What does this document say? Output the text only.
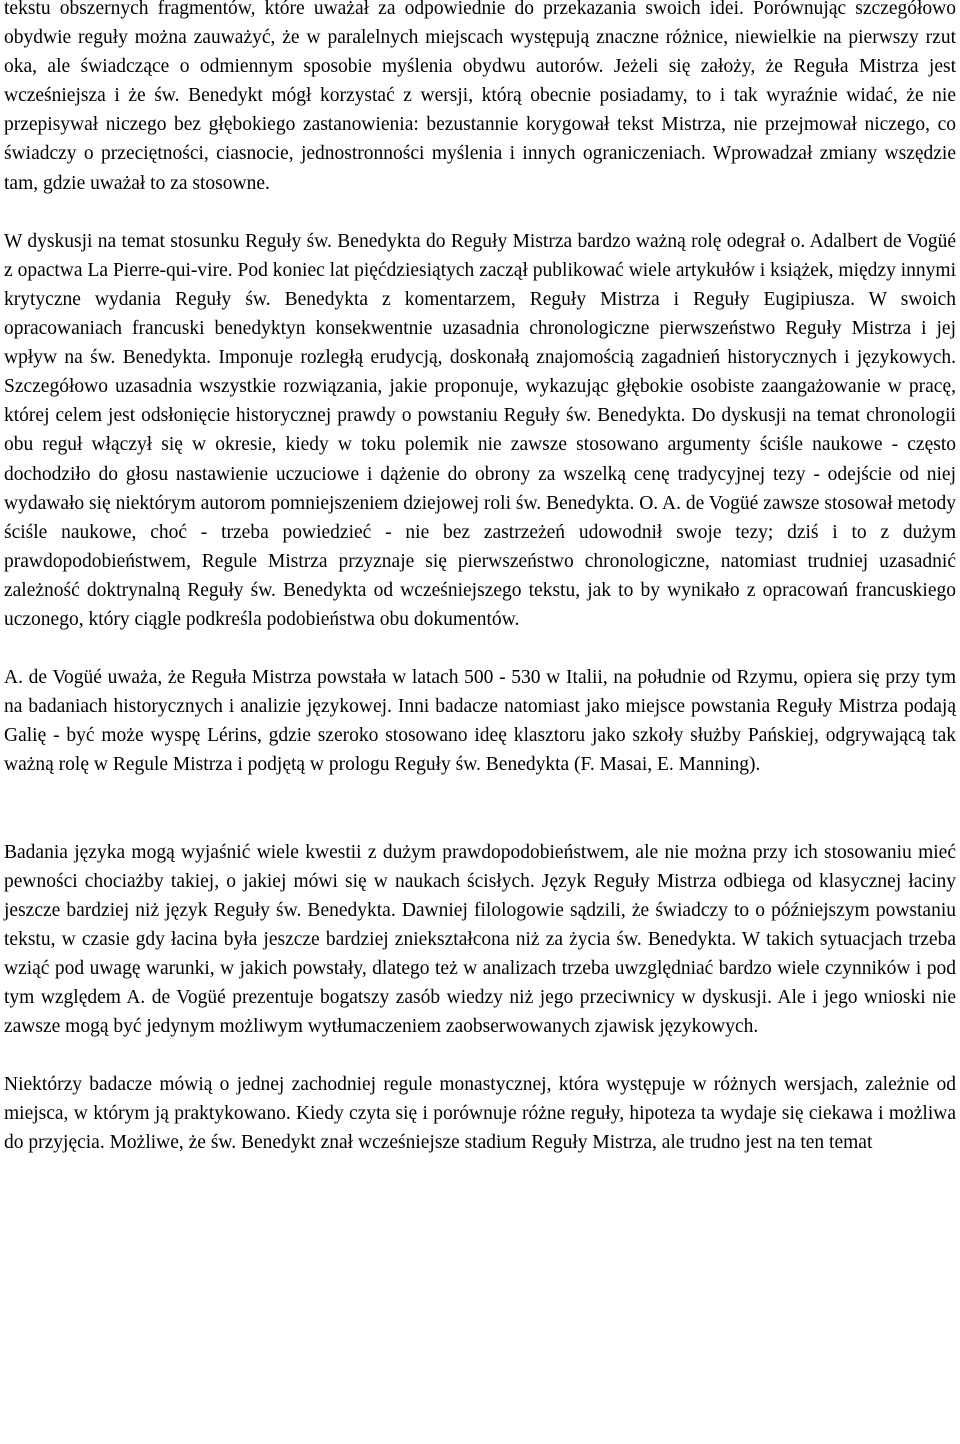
tekstu obszernych fragmentów, które uważał za odpowiednie do przekazania swoich idei. Porównując szczegółowo obydwie reguły można zauważyć, że w paralelnych miejscach występują znaczne różnice, niewielkie na pierwszy rzut oka, ale świadczące o odmiennym sposobie myślenia obydwu autorów. Jeżeli się założy, że Reguła Mistrza jest wcześniejsza i że św. Benedykt mógł korzystać z wersji, którą obecnie posiadamy, to i tak wyraźnie widać, że nie przepisywał niczego bez głębokiego zastanowienia: bezustannie korygował tekst Mistrza, nie przejmował niczego, co świadczy o przeciętności, ciasnocie, jednostronności myślenia i innych ograniczeniach. Wprowadzał zmiany wszędzie tam, gdzie uważał to za stosowne.

W dyskusji na temat stosunku Reguły św. Benedykta do Reguły Mistrza bardzo ważną rolę odegrał o. Adalbert de Vogüé z opactwa La Pierre-qui-vire. Pod koniec lat pięćdziesiątych zaczął publikować wiele artykułów i książek, między innymi krytyczne wydania Reguły św. Benedykta z komentarzem, Reguły Mistrza i Reguły Eugipiusza. W swoich opracowaniach francuski benedyktyn konsekwentnie uzasadnia chronologiczne pierwszeństwo Reguły Mistrza i jej wpływ na św. Benedykta. Imponuje rozległą erudycją, doskonałą znajomością zagadnień historycznych i językowych. Szczegółowo uzasadnia wszystkie rozwiązania, jakie proponuje, wykazując głębokie osobiste zaangażowanie w pracę, której celem jest odsłonięcie historycznej prawdy o powstaniu Reguły św. Benedykta. Do dyskusji na temat chronologii obu reguł włączył się w okresie, kiedy w toku polemik nie zawsze stosowano argumenty ściśle naukowe - często dochodziło do głosu nastawienie uczuciowe i dążenie do obrony za wszelką cenę tradycyjnej tezy - odejście od niej wydawało się niektórym autorom pomniejszeniem dziejowej roli św. Benedykta. O. A. de Vogüé zawsze stosował metody ściśle naukowe, choć - trzeba powiedzieć - nie bez zastrzeżeń udowodnił swoje tezy; dziś i to z dużym prawdopodobieństwem, Regule Mistrza przyznaje się pierwszeństwo chronologiczne, natomiast trudniej uzasadnić zależność doktrynalną Reguły św. Benedykta od wcześniejszego tekstu, jak to by wynikało z opracowań francuskiego uczonego, który ciągle podkreśla podobieństwa obu dokumentów.

A. de Vogüé uważa, że Reguła Mistrza powstała w latach 500 - 530 w Italii, na południe od Rzymu, opiera się przy tym na badaniach historycznych i analizie językowej. Inni badacze natomiast jako miejsce powstania Reguły Mistrza podają Galię - być może wyspę Lérins, gdzie szeroko stosowano ideę klasztoru jako szkoły służby Pańskiej, odgrywającą tak ważną rolę w Regule Mistrza i podjętą w prologu Reguły św. Benedykta (F. Masai, E. Manning).

Badania języka mogą wyjaśnić wiele kwestii z dużym prawdopodobieństwem, ale nie można przy ich stosowaniu mieć pewności chociażby takiej, o jakiej mówi się w naukach ścisłych. Język Reguły Mistrza odbiega od klasycznej łaciny jeszcze bardziej niż język Reguły św. Benedykta. Dawniej filologowie sądzili, że świadczy to o późniejszym powstaniu tekstu, w czasie gdy łacina była jeszcze bardziej zniekształcona niż za życia św. Benedykta. W takich sytuacjach trzeba wziąć pod uwagę warunki, w jakich powstały, dlatego też w analizach trzeba uwzględniać bardzo wiele czynników i pod tym względem A. de Vogüé prezentuje bogatszy zasób wiedzy niż jego przeciwnicy w dyskusji. Ale i jego wnioski nie zawsze mogą być jedynym możliwym wytłumaczeniem zaobserwowanych zjawisk językowych.

Niektórzy badacze mówią o jednej zachodniej regule monastycznej, która występuje w różnych wersjach, zależnie od miejsca, w którym ją praktykowano. Kiedy czyta się i porównuje różne reguły, hipoteza ta wydaje się ciekawa i możliwa do przyjęcia. Możliwe, że św. Benedykt znał wcześniejsze stadium Reguły Mistrza, ale trudno jest na ten temat
